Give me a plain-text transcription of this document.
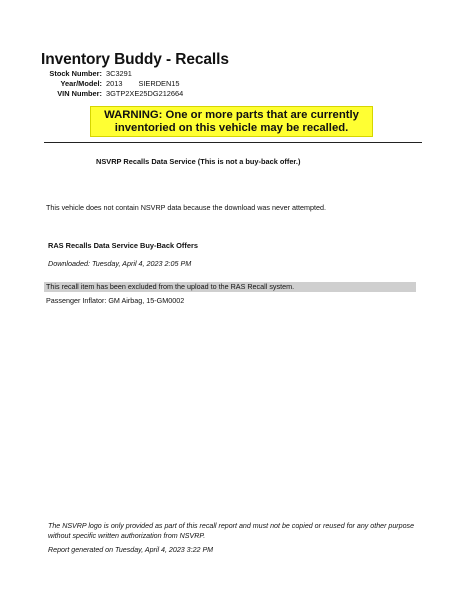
Inventory Buddy - Recalls
Stock Number: 3C3291
Year/Model: 2013 SIERDEN15
VIN Number: 3GTP2XE25DG212664
WARNING: One or more parts that are currently
inventoried on this vehicle may be recalled.
NSVRP Recalls Data Service (This is not a buy-back offer.)
This vehicle does not contain NSVRP data because the download was never attempted.
RAS Recalls Data Service Buy-Back Offers
Downloaded: Tuesday, April 4, 2023 2:05 PM
This recall item has been excluded from the upload to the RAS Recall system.
Passenger Inflator: GM Airbag, 15-GM0002
The NSVRP logo is only provided as part of this recall report and must not be copied or reused for any other purpose without specific written authorization from NSVRP.
Report generated on Tuesday, April 4, 2023 3:22 PM
